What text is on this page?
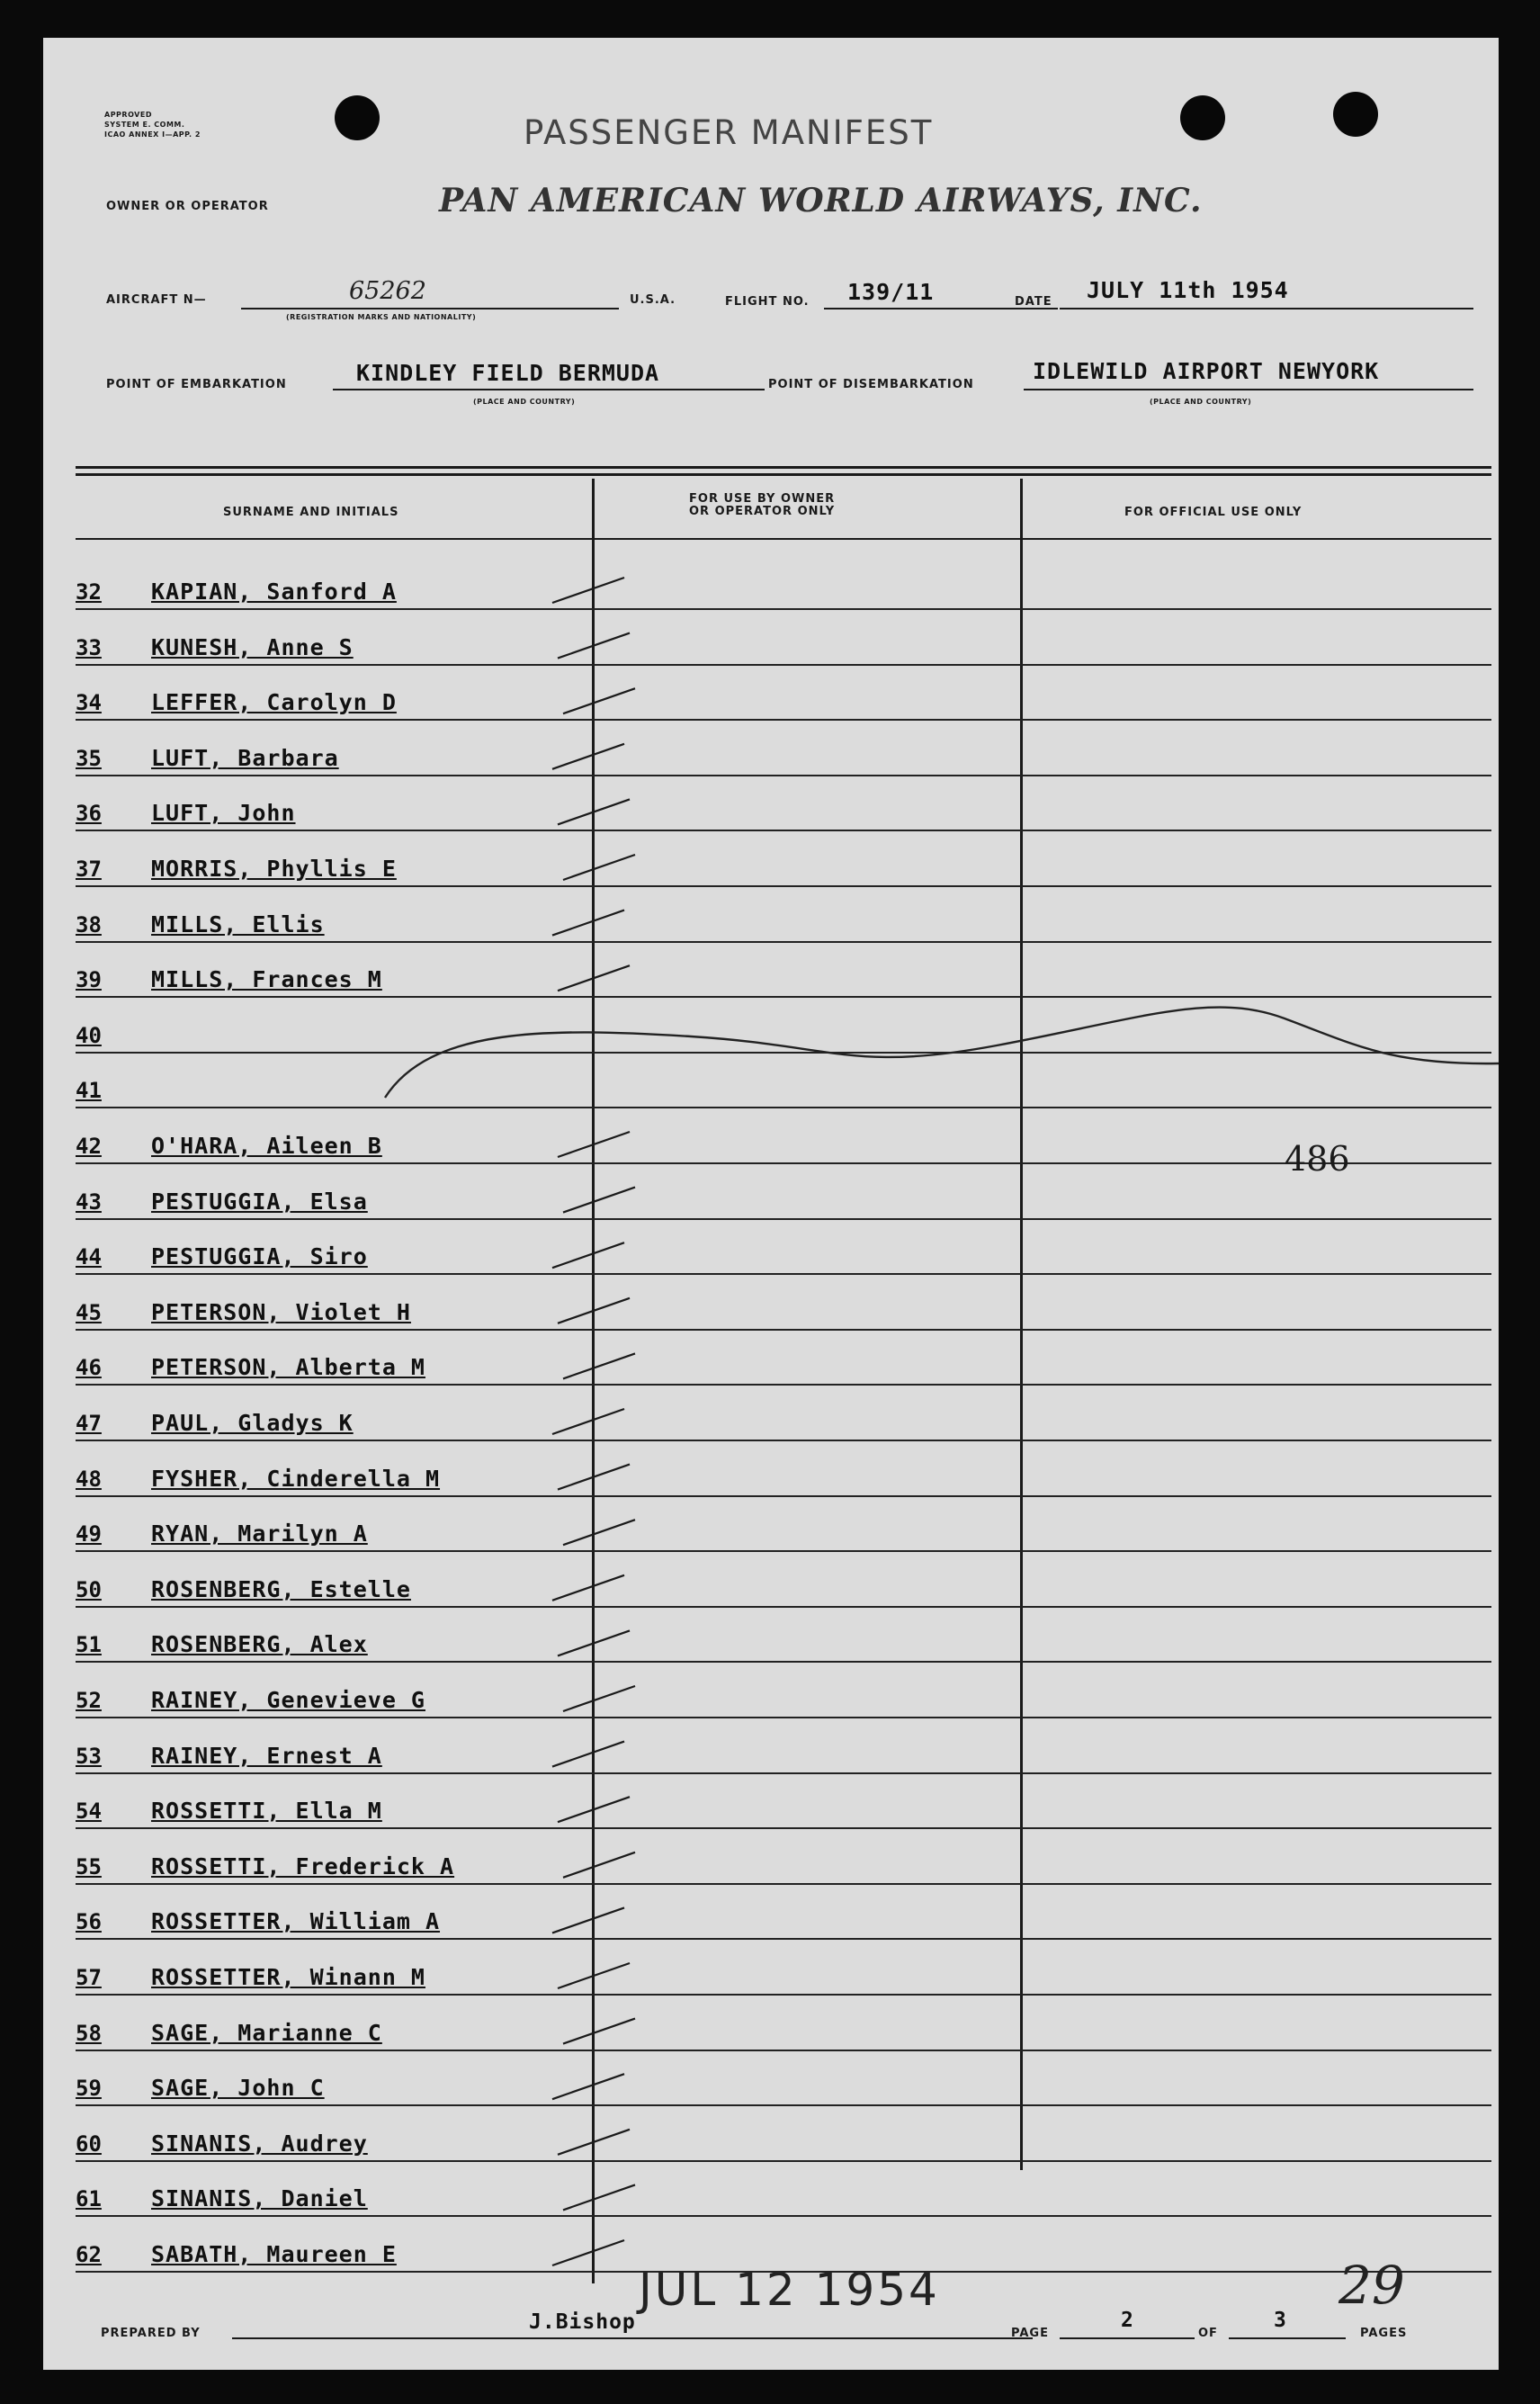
APPROVED
SYSTEM E. COMM.
ICAO ANNEX I—APP. 2	PASSENGER MANIFEST
OWNER OR OPERATOR	PAN AMERICAN WORLD AIRWAYS, INC.
AIRCRAFT N—	65262
(REGISTRATION MARKS AND NATIONALITY)
U.S.A.	FLIGHT NO. 139/11	DATE JULY 11th 1954
POINT OF EMBARKATION	KINDLEY FIELD BERMUDA
(PLACE AND COUNTRY)
POINT OF DISEMBARKATION
IDLEWILD AIRPORT NEWYORK
(PLACE AND COUNTRY)
SURNAME AND INITIALS
FOR USE BY OWNER
OR OPERATOR ONLY	FOR OFFICIAL USE ONLY
32	KAPIAN, Sanford A
33	KUNESH, Anne S
34	LEFFER, Carolyn D
35	LUFT, Barbara
36	LUFT, John
37	MORRIS, Phyllis E
38	MILLS, Ellis
39	MILLS, Frances M
40
41
42	O'HARA, Aileen B
43	PESTUGGIA, Elsa
44	PESTUGGIA, Siro
45	PETERSON, Violet H
46	PETERSON, Alberta M
47	PAUL, Gladys K
48	FYSHER, Cinderella M
49	RYAN, Marilyn A
50	ROSENBERG, Estelle
51	ROSENBERG, Alex
52	RAINEY, Genevieve G
53	RAINEY, Ernest A
54	ROSSETTI, Ella M
55	ROSSETTI, Frederick A
56	ROSSETTER, William A
57	ROSSETTER, Winann M
58	SAGE, Marianne C
59	SAGE, John C
60	SINANIS, Audrey
61	SINANIS, Daniel
62	SABATH, Maureen E
486
JUL 12 1954
PREPARED BY	J.Bishop	PAGE
2
OF
3
PAGES
29
